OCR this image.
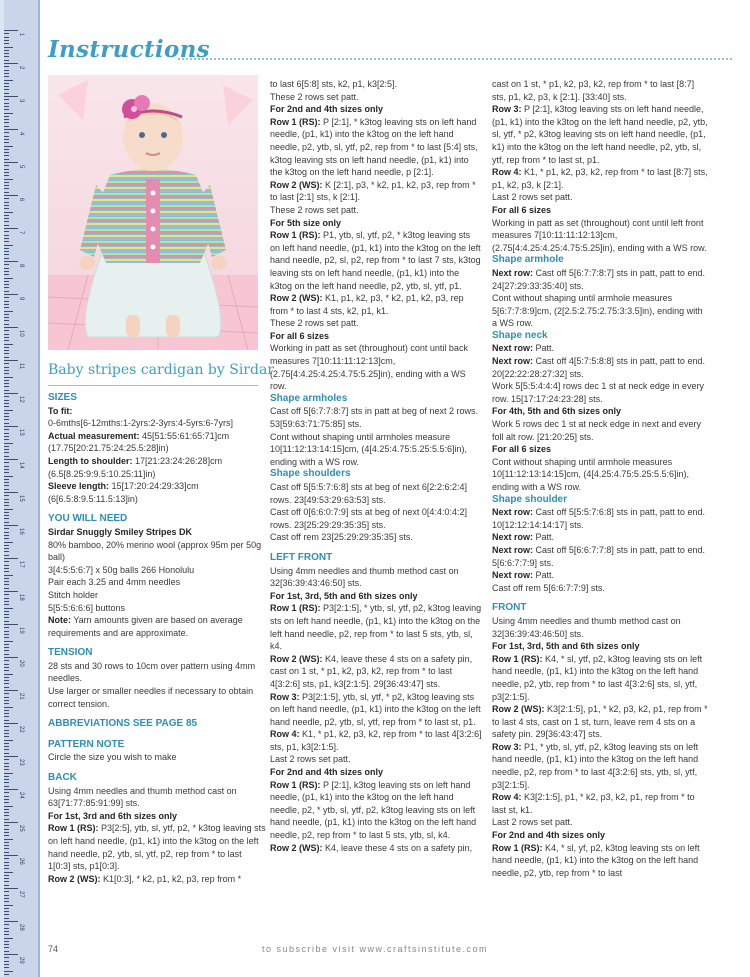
1
2
3
4
5
6
7
8
9
10
11
12
13
14
15
16
17
18
19
20
21
22
23
24
25
26
27
28
29
Instructions
Baby stripes cardigan by Sirdar

SIZES

To fit:

0-6mths[6-12mths:1-2yrs:2-3yrs:4-5yrs:6-7yrs]

Actual measurement: 45[51:55:61:65:71]cm (17.75[20:21.75:24:25.5:28]in)

Length to shoulder: 17[21:23:24:26:28]cm (6.5[8.25:9:9.5:10.25:11]in)

Sleeve length: 15[17:20:24:29:33]cm (6[6.5:8:9.5:11.5:13]in)

YOU WILL NEED

Sirdar Snuggly Smiley Stripes DK

80% bamboo, 20% merino wool (approx 95m per 50g ball)

3[4:5:5:6:7] x 50g balls 266 Honolulu

Pair each 3.25 and 4mm needles

Stitch holder

5[5:5:6:6:6] buttons

Note: Yarn amounts given are based on average requirements and are approximate.

TENSION

28 sts and 30 rows to 10cm over pattern using 4mm needles.

Use larger or smaller needles if necessary to obtain correct tension.

ABBREVIATIONS SEE PAGE 85

PATTERN NOTE

Circle the size you wish to make

BACK

Using 4mm needles and thumb method cast on 63[71:77:85:91:99] sts.

For 1st, 3rd and 6th sizes only

Row 1 (RS): P3[2:5], ytb, sl, ytf, p2, * k3tog leaving sts on left hand needle, (p1, k1) into the k3tog on the left hand needle, p2, ytb, sl, ytf, p2, rep from * to last 1[0:3] sts, p1[0:3].

Row 2 (WS): K1[0:3], * k2, p1, k2, p3, rep from *

to last 6[5:8] sts, k2, p1, k3[2:5].

These 2 rows set patt.

For 2nd and 4th sizes only

Row 1 (RS): P [2:1], * k3tog leaving sts on left hand needle, (p1, k1) into the k3tog on the left hand needle, p2, ytb, sl, ytf, p2, rep from * to last [5:4] sts, k3tog leaving sts on left hand needle, (p1, k1) into the k3tog on the left hand needle, p [2:1].

Row 2 (WS): K [2:1], p3, * k2, p1, k2, p3, rep from * to last [2:1] sts, k [2:1].

These 2 rows set patt.

For 5th size only

Row 1 (RS): P1, ytb, sl, ytf, p2, * k3tog leaving sts on left hand needle, (p1, k1) into the k3tog on the left hand needle, p2, sl, p2, rep from * to last 7 sts, k3tog leaving sts on left hand needle, (p1, k1) into the k3tog on the left hand needle, p2, ytb, sl, ytf, p1.

Row 2 (WS): K1, p1, k2, p3, * k2, p1, k2, p3, rep from * to last 4 sts, k2, p1, k1.

These 2 rows set patt.

For all 6 sizes

Working in patt as set (throughout) cont until back measures 7[10:11:11:12:13]cm, (2.75[4:4.25:4.25:4.75:5.25]in), ending with a WS row.

Shape armholes

Cast off 5[6:7:7:8:7] sts in patt at beg of next 2 rows. 53[59:63:71:75:85] sts.

Cont without shaping until armholes measure 10[11:12:13:14:15]cm, (4[4.25:4.75:5.25:5.5:6]in), ending with a WS row.

Shape shoulders

Cast off 5[5:5:7:6:8] sts at beg of next 6[2:2:6:2:4] rows. 23[49:53:29:63:53] sts.

Cast off 0[6:6:0:7:9] sts at beg of next 0[4:4:0:4:2] rows. 23[25:29:29:35:35] sts.

Cast off rem 23[25:29:29:35:35] sts.

LEFT FRONT

Using 4mm needles and thumb method cast on 32[36:39:43:46:50] sts.

For 1st, 3rd, 5th and 6th sizes only

Row 1 (RS): P3[2:1:5], * ytb, sl, ytf, p2, k3tog leaving sts on left hand needle, (p1, k1) into the k3tog on the left hand needle, p2, rep from * to last 5 sts, ytb, sl, k4.

Row 2 (WS): K4, leave these 4 sts on a safety pin, cast on 1 st, * p1, k2, p3, k2, rep from * to last 4[3:2:6] sts, p1, k3[2:1:5]. 29[36:43:47] sts.

Row 3: P3[2:1:5], ytb, sl, ytf, * p2, k3tog leaving sts on left hand needle, (p1, k1) into the k3tog on the left hand needle, p2, ytb, sl, ytf, rep from * to last st, p1.

Row 4: K1, * p1, k2, p3, k2, rep from * to last 4[3:2:6] sts, p1, k3[2:1:5].

Last 2 rows set patt.

For 2nd and 4th sizes only

Row 1 (RS): P [2:1], k3tog leaving sts on left hand needle, (p1, k1) into the k3tog on the left hand needle, p2, * ytb, sl, ytf, p2, k3tog leaving sts on left hand needle, (p1, k1) into the k3tog on the left hand needle, p2, rep from * to last 5 sts, ytb, sl, k4.

Row 2 (WS): K4, leave these 4 sts on a safety pin,

cast on 1 st, * p1, k2, p3, k2, rep from * to last [8:7] sts, p1, k2, p3, k [2:1]. [33:40] sts.

Row 3: P [2:1], k3tog leaving sts on left hand needle, (p1, k1) into the k3tog on the left hand needle, p2, ytb, sl, ytf, * p2, k3tog leaving sts on left hand needle, (p1, k1) into the k3tog on the left hand needle, p2, ytb, sl, ytf, rep from * to last st, p1.

Row 4: K1, * p1, k2, p3, k2, rep from * to last [8:7] sts, p1, k2, p3, k [2:1].

Last 2 rows set patt.

For all 6 sizes

Working in patt as set (throughout) cont until left front measures 7[10:11:11:12:13]cm, (2.75[4:4.25:4.25:4.75:5.25]in), ending with a WS row.

Shape armhole

Next row: Cast off 5[6:7:7:8:7] sts in patt, patt to end. 24[27:29:33:35:40] sts.

Cont without shaping until armhole measures 5[6:7:7:8:9]cm, (2[2.5:2.75:2.75:3:3.5]in), ending with a WS row.

Shape neck

Next row: Patt.

Next row: Cast off 4[5:7:5:8:8] sts in patt, patt to end. 20[22:22:28:27:32] sts.

Work 5[5:5:4:4:4] rows dec 1 st at neck edge in every row. 15[17:17:24:23:28] sts.

For 4th, 5th and 6th sizes only

Work 5 rows dec 1 st at neck edge in next and every foll alt row. [21:20:25] sts.

For all 6 sizes

Cont without shaping until armhole measures 10[11:12:13:14:15]cm, (4[4.25:4.75:5.25:5.5:6]in), ending with a WS row.

Shape shoulder

Next row: Cast off 5[5:5:7:6:8] sts in patt, patt to end. 10[12:12:14:14:17] sts.

Next row: Patt.

Next row: Cast off 5[6:6:7:7:8] sts in patt, patt to end. 5[6:6:7:7:9] sts.

Next row: Patt.

Cast off rem 5[6:6:7:7:9] sts.

FRONT

Using 4mm needles and thumb method cast on 32[36:39:43:46:50] sts.

For 1st, 3rd, 5th and 6th sizes only

Row 1 (RS): K4, * sl, ytf, p2, k3tog leaving sts on left hand needle, (p1, k1) into the k3tog on the left hand needle, p2, ytb, rep from * to last 4[3:2:6] sts, sl, ytf, p3[2:1:5].

Row 2 (WS): K3[2:1:5], p1, * k2, p3, k2, p1, rep from * to last 4 sts, cast on 1 st, turn, leave rem 4 sts on a safety pin. 29[36:43:47] sts.

Row 3: P1, * ytb, sl, ytf, p2, k3tog leaving sts on left hand needle, (p1, k1) into the k3tog on the left hand needle, p2, rep from * to last 4[3:2:6] sts, ytb, sl, ytf, p3[2:1:5].

Row 4: K3[2:1:5], p1, * k2, p3, k2, p1, rep from * to last st, k1.

Last 2 rows set patt.

For 2nd and 4th sizes only

Row 1 (RS): K4, * sl, yf, p2, k3tog leaving sts on left hand needle, (p1, k1) into the k3tog on the left hand needle, p2, ytb, rep from * to last

74	to subscribe visit www.craftsinstitute.com
